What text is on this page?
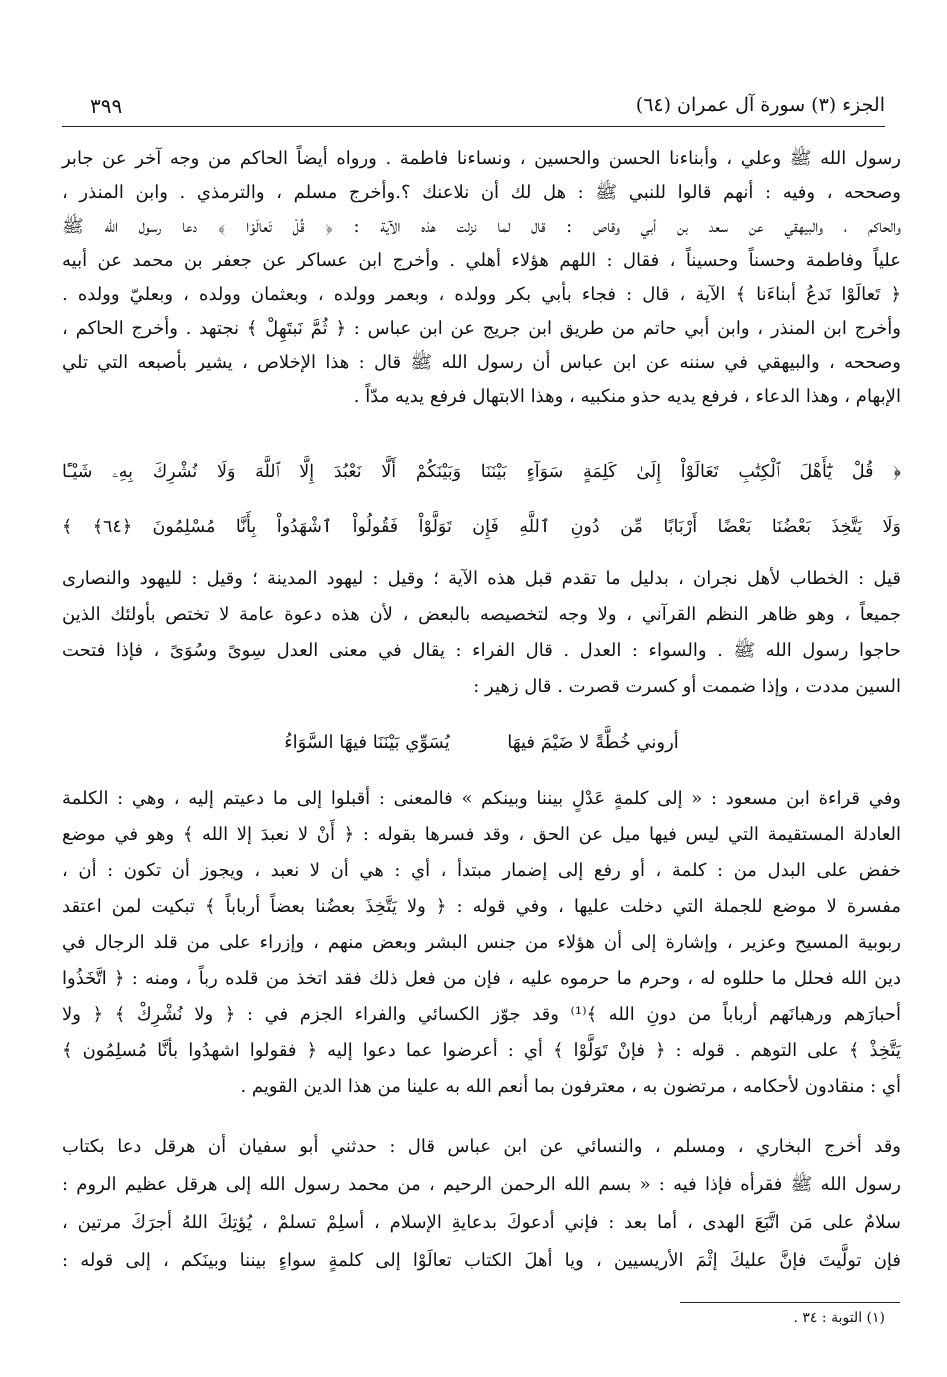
الجزء (٣) سورة آل عمران (٦٤)
٣٩٩
رسول الله ﷺ وعلي ، وأبناءنا الحسن والحسين ، ونساءنا فاطمة . ورواه أيضاً الحاكم من وجه آخر عن جابر
وصححه ، وفيه : أنهم قالوا للنبي ﷺ : هل لك أن نلاعنك ؟.وأخرج مسلم ، والترمذي . وابن المنذر ،
والحاكم ، والبيهقي عن سعد بن أبي وقاص : قال لما نزلت هذه الآية : ﴿ قُلْ تَعالَوْا ﴾ دعا رسول الله ﷺ
علياً وفاطمة وحسناً وحسيناً ، فقال : اللهم هؤلاء أهلي . وأخرج ابن عساكر عن جعفر بن محمد عن أبيه
﴿ تَعالَوْا نَدعُ أبناءَنا ﴾ الآية ، قال : فجاء بأبي بكر وولده ، وبعمر وولده ، وبعثمان وولده ، وبعليّ وولده .
وأخرج ابن المنذر ، وابن أبي حاتم من طريق ابن جريج عن ابن عباس : ﴿ ثُمَّ نَبتَهِلْ ﴾ نجتهد . وأخرج الحاكم ،
وصححه ، والبيهقي في سننه عن ابن عباس أن رسول الله ﷺ قال : هذا الإخلاص ، يشير بأصبعه التي تلي
الإبهام ، وهذا الدعاء ، فرفع يديه حذو منكبيه ، وهذا الابتهال فرفع يديه مدّاً .
﴿ قُلْ يَٰٓأَهْلَ ٱلْكِتَٰبِ تَعَالَوْاْ إِلَىٰ كَلِمَةٍ سَوَآءٍ بَيْنَنَا وَبَيْنَكُمْ أَلَّا نَعْبُدَ إِلَّا ٱللَّهَ وَلَا نُشْرِكَ بِهِۦ شَيْـًٔا
وَلَا يَتَّخِذَ بَعْضُنَا بَعْضًا أَرْبَابًا مِّن دُونِ ٱللَّهِ فَإِن تَوَلَّوْاْ فَقُولُواْ ٱشْهَدُواْ بِأَنَّا مُسْلِمُونَ ﴿٦٤﴾ ﴾
قيل : الخطاب لأهل نجران ، بدليل ما تقدم قبل هذه الآية ؛ وقيل : ليهود المدينة ؛ وقيل : لليهود والنصارى
جميعاً ، وهو ظاهر النظم القرآني ، ولا وجه لتخصيصه بالبعض ، لأن هذه دعوة عامة لا تختص بأولئك الذين
حاجوا رسول الله ﷺ . والسواء : العدل . قال الفراء : يقال في معنى العدل سِوىً وسُوَىً ، فإذا فتحت
السين مددت ، وإذا ضممت أو كسرت قصرت . قال زهير :
أروني خُطَّةً لا ضَيْمَ فيهَا  يُسَوِّي بَيْنَنَا فيهَا السَّوَاءُ
وفي قراءة ابن مسعود : « إلى كلمةٍ عَدْلٍ بيننا وبينكم » فالمعنى : أقبلوا إلى ما دعيتم إليه ، وهي : الكلمة
العادلة المستقيمة التي ليس فيها ميل عن الحق ، وقد فسرها بقوله : ﴿ أَنْ لا نعبدَ إلا الله ﴾ وهو في موضع
خفض على البدل من : كلمة ، أو رفع إلى إضمار مبتدأ ، أي : هي أن لا نعبد ، ويجوز أن تكون : أن ،
مفسرة لا موضع للجملة التي دخلت عليها ، وفي قوله : ﴿ ولا يَتَّخِذَ بعضُنا بعضاً أرباباً ﴾ تبكيت لمن اعتقد
ربوبية المسيح وعزير ، وإشارة إلى أن هؤلاء من جنس البشر وبعض منهم ، وإزراء على من قلد الرجال في
دين الله فحلل ما حللوه له ، وحرم ما حرموه عليه ، فإن من فعل ذلك فقد اتخذ من قلده رباً ، ومنه : ﴿ اتَّخَذُوا
أحبارَهم ورهبانَهم أرباباً من دونِ الله ﴾⁽¹⁾ وقد جوّز الكسائي والفراء الجزم في : ﴿ ولا نُشْرِكْ ﴾ ﴿ ولا
يَتَّخِذْ ﴾ على التوهم . قوله : ﴿ فإنْ تَوَلَّوْا ﴾ أي : أعرضوا عما دعوا إليه ﴿ فقولوا اشهدُوا بأنَّا مُسلِمُون ﴾
أي : منقادون لأحكامه ، مرتضون به ، معترفون بما أنعم الله به علينا من هذا الدين القويم .
وقد أخرج البخاري ، ومسلم ، والنسائي عن ابن عباس قال : حدثني أبو سفيان أن هرقل دعا بكتاب
رسول الله ﷺ فقرأه فإذا فيه : « بسم الله الرحمن الرحيم ، من محمد رسول الله إلى هرقل عظيم الروم :
سلامٌ على مَن اتَّبَعَ الهدى ، أما بعد : فإني أدعوكَ بدعايةِ الإسلام ، أسلِمْ تسلمْ ، يُؤتِكَ اللهُ أجرَكَ مرتين ،
فإن تولَّيتَ فإنَّ عليكَ إثْمَ الأريسيين ، ويا أهلَ الكتاب تعالَوْا إلى كلمةٍ سواءٍ بيننا وبينَكم ، إلى قوله :
(١) التوبة : ٣٤ .
